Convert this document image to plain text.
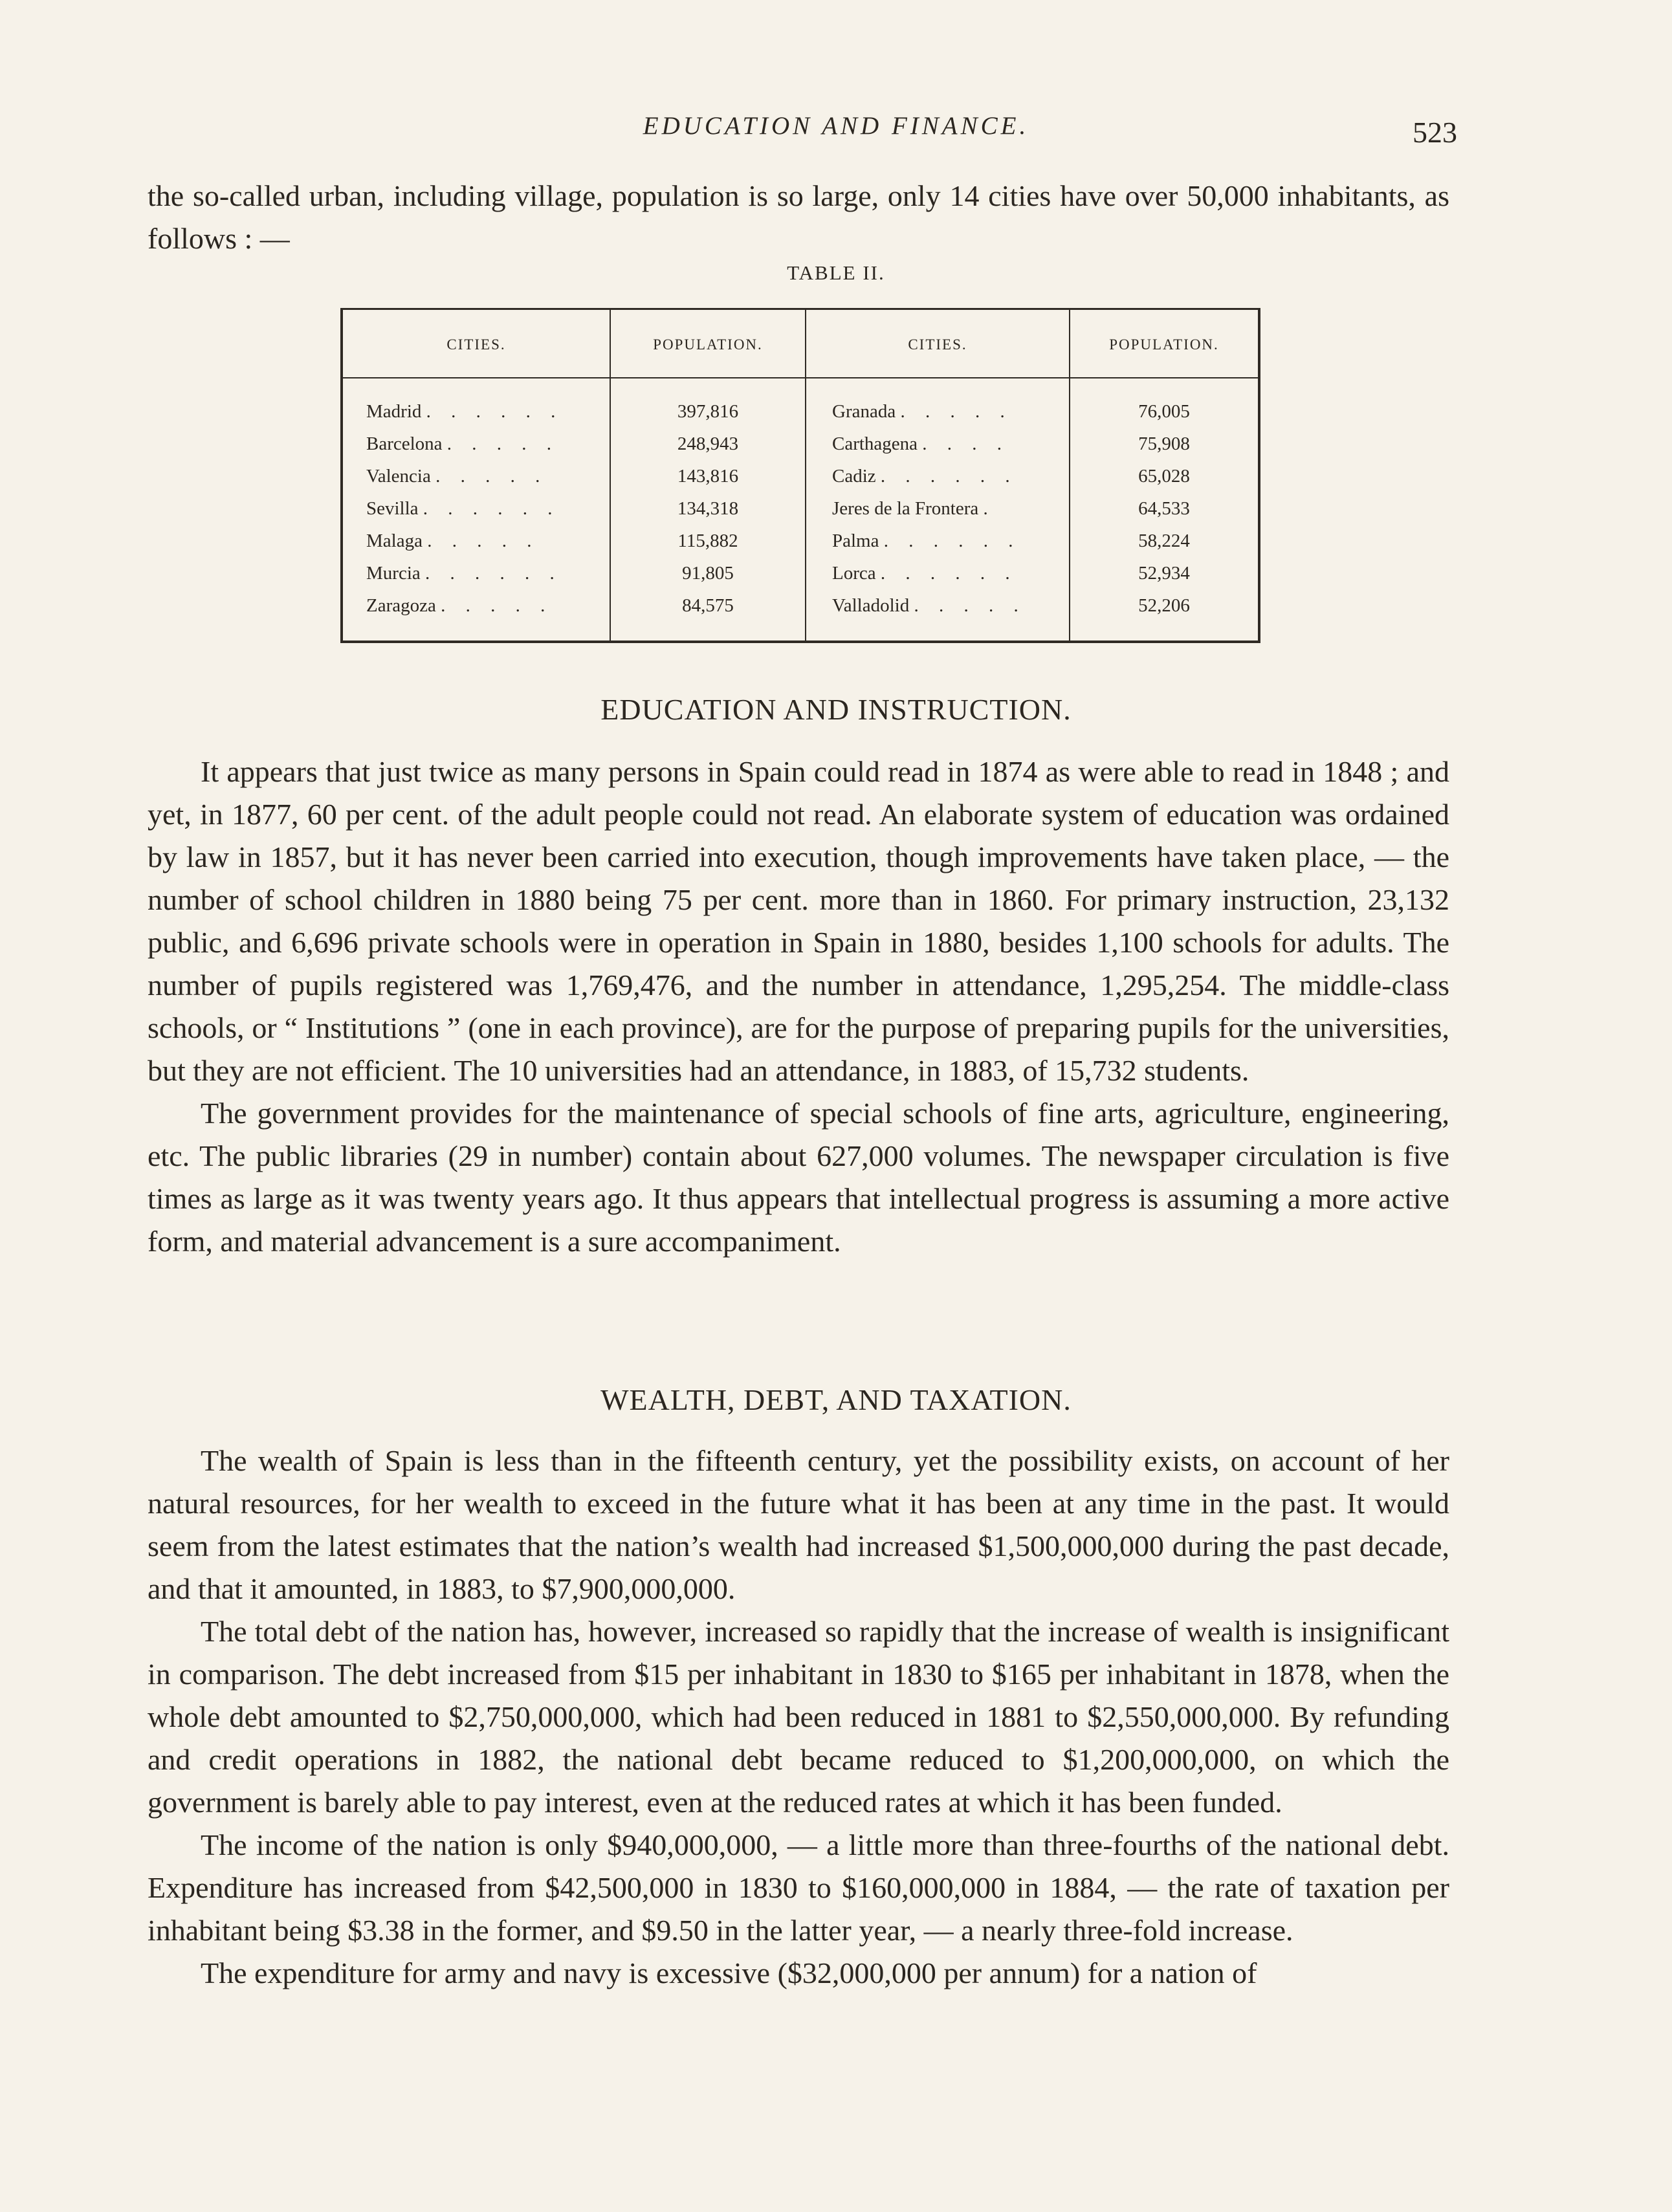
EDUCATION AND FINANCE.	523

the so-called urban, including village, population is so large, only 14 cities have over 50,000 inhabitants, as follows : —

TABLE II.
CITIES.
Madrid . . . . . .
Barcelona . . . . .
Valencia . . . . .
Sevilla . . . . . .
Malaga . . . . .
Murcia . . . . . .
Zaragoza . . . . .
POPULATION.
397,816
248,943
143,816
134,318
115,882
91,805
84,575
CITIES.
Granada . . . . .
Carthagena . . . .
Cadiz . . . . . .
Jeres de la Frontera .
Palma . . . . . .
Lorca . . . . . .
Valladolid . . . . .
POPULATION.
76,005
75,908
65,028
64,533
58,224
52,934
52,206
EDUCATION AND INSTRUCTION.

It appears that just twice as many persons in Spain could read in 1874 as were able to read in 1848 ; and yet, in 1877, 60 per cent. of the adult people could not read. An elaborate system of education was ordained by law in 1857, but it has never been carried into execution, though improvements have taken place, — the number of school children in 1880 being 75 per cent. more than in 1860. For primary instruction, 23,132 public, and 6,696 private schools were in operation in Spain in 1880, besides 1,100 schools for adults. The number of pupils registered was 1,769,476, and the number in attendance, 1,295,254. The middle-class schools, or “ Institutions ” (one in each province), are for the purpose of preparing pupils for the universities, but they are not efficient. The 10 universities had an attendance, in 1883, of 15,732 students.

The government provides for the maintenance of special schools of fine arts, agriculture, engineering, etc. The public libraries (29 in number) contain about 627,000 volumes. The newspaper circulation is five times as large as it was twenty years ago. It thus appears that intellectual progress is assuming a more active form, and material advancement is a sure accompaniment.

WEALTH, DEBT, AND TAXATION.

The wealth of Spain is less than in the fifteenth century, yet the possibility exists, on account of her natural resources, for her wealth to exceed in the future what it has been at any time in the past. It would seem from the latest estimates that the nation’s wealth had increased $1,500,000,000 during the past decade, and that it amounted, in 1883, to $7,900,000,000.

The total debt of the nation has, however, increased so rapidly that the increase of wealth is insignificant in comparison. The debt increased from $15 per inhabitant in 1830 to $165 per inhabitant in 1878, when the whole debt amounted to $2,750,000,000, which had been reduced in 1881 to $2,550,000,000. By refunding and credit operations in 1882, the national debt became reduced to $1,200,000,000, on which the government is barely able to pay interest, even at the reduced rates at which it has been funded.

The income of the nation is only $940,000,000, — a little more than three-fourths of the national debt. Expenditure has increased from $42,500,000 in 1830 to $160,000,000 in 1884, — the rate of taxation per inhabitant being $3.38 in the former, and $9.50 in the latter year, — a nearly three-fold increase.

The expenditure for army and navy is excessive ($32,000,000 per annum) for a nation of
